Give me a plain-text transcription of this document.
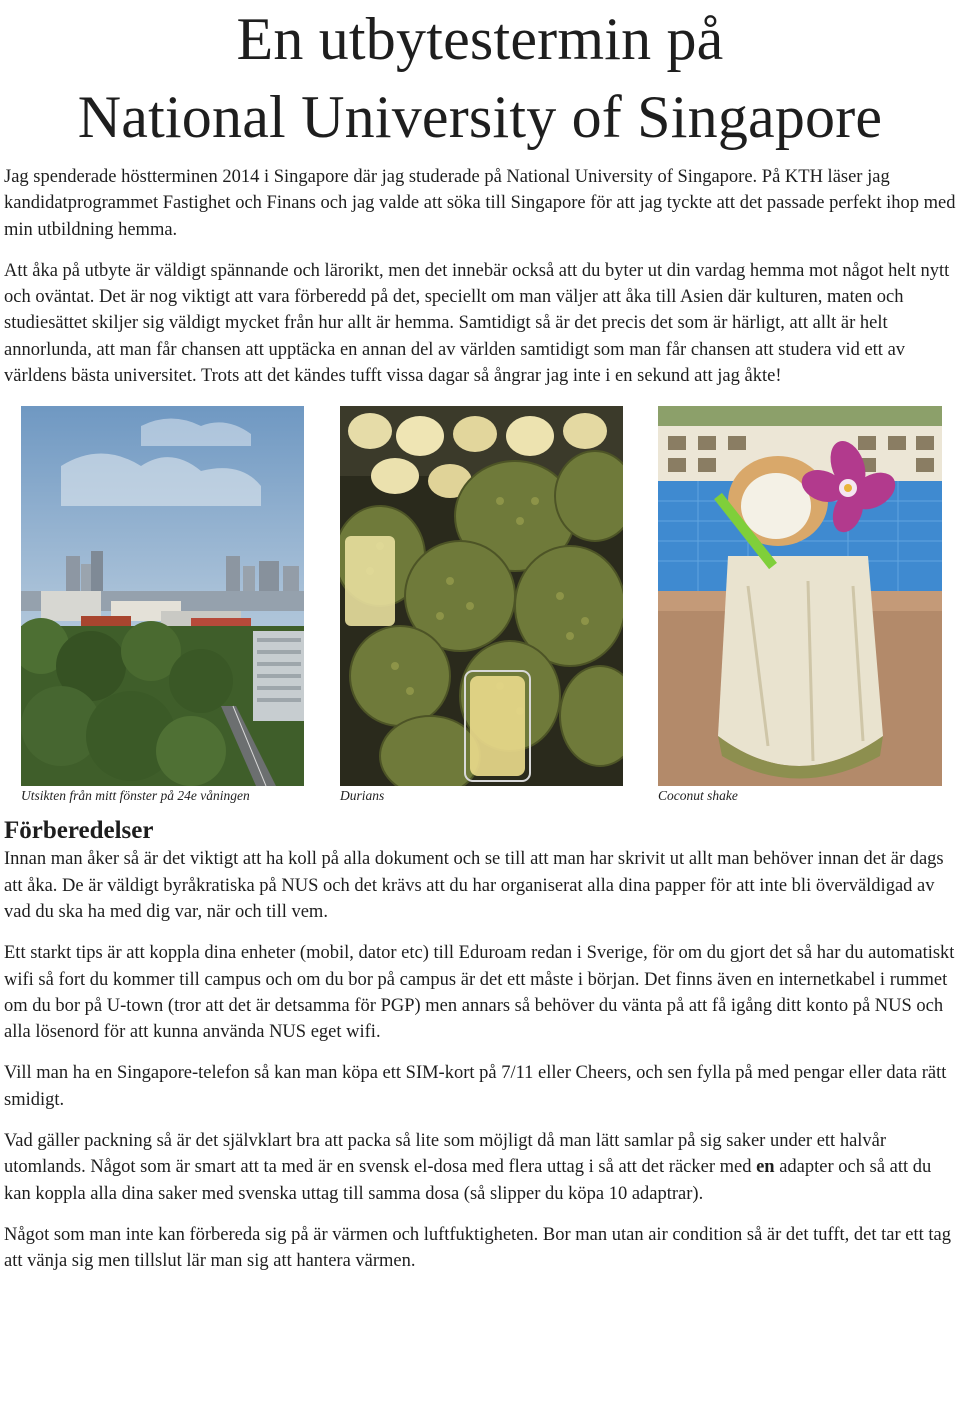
En utbytestermin på
National University of Singapore

Jag spenderade höstterminen 2014 i Singapore där jag studerade på National University of Singapore. På KTH läser jag kandidatprogrammet Fastighet och Finans och jag valde att söka till Singapore för att jag tyckte att det passade perfekt ihop med min utbildning hemma.

Att åka på utbyte är väldigt spännande och lärorikt, men det innebär också att du byter ut din vardag hemma mot något helt nytt och oväntat. Det är nog viktigt att vara förberedd på det, speciellt om man väljer att åka till Asien där kulturen, maten och studiesättet skiljer sig väldigt mycket från hur allt är hemma. Samtidigt så är det precis det som är härligt, att allt är helt annorlunda, att man får chansen att upptäcka en annan del av världen samtidigt som man får chansen att studera vid ett av världens bästa universitet. Trots att det kändes tufft vissa dagar så ångrar jag inte i en sekund att jag åkte!

Utsikten från mitt fönster på 24e våningen	Durians	Coconut shake
Förberedelser

Innan man åker så är det viktigt att ha koll på alla dokument och se till att man har skrivit ut allt man behöver innan det är dags att åka. De är väldigt byråkratiska på NUS och det krävs att du har organiserat alla dina papper för att inte bli överväldigad av vad du ska ha med dig var, när och till vem.

Ett starkt tips är att koppla dina enheter (mobil, dator etc) till Eduroam redan i Sverige, för om du gjort det så har du automatiskt wifi så fort du kommer till campus och om du bor på campus är det ett måste i början. Det finns även en internetkabel i rummet om du bor på U-town (tror att det är detsamma för PGP) men annars så behöver du vänta på att få igång ditt konto på NUS och alla lösenord för att kunna använda NUS eget wifi.

Vill man ha en Singapore-telefon så kan man köpa ett SIM-kort på 7/11 eller Cheers, och sen fylla på med pengar eller data rätt smidigt.

Vad gäller packning så är det självklart bra att packa så lite som möjligt då man lätt samlar på sig saker under ett halvår utomlands. Något som är smart att ta med är en svensk el-dosa med flera uttag i så att det räcker med en adapter och så att du kan koppla alla dina saker med svenska uttag till samma dosa (så slipper du köpa 10 adaptrar).

Något som man inte kan förbereda sig på är värmen och luftfuktigheten. Bor man utan air condition så är det tufft, det tar ett tag att vänja sig men tillslut lär man sig att hantera värmen.
